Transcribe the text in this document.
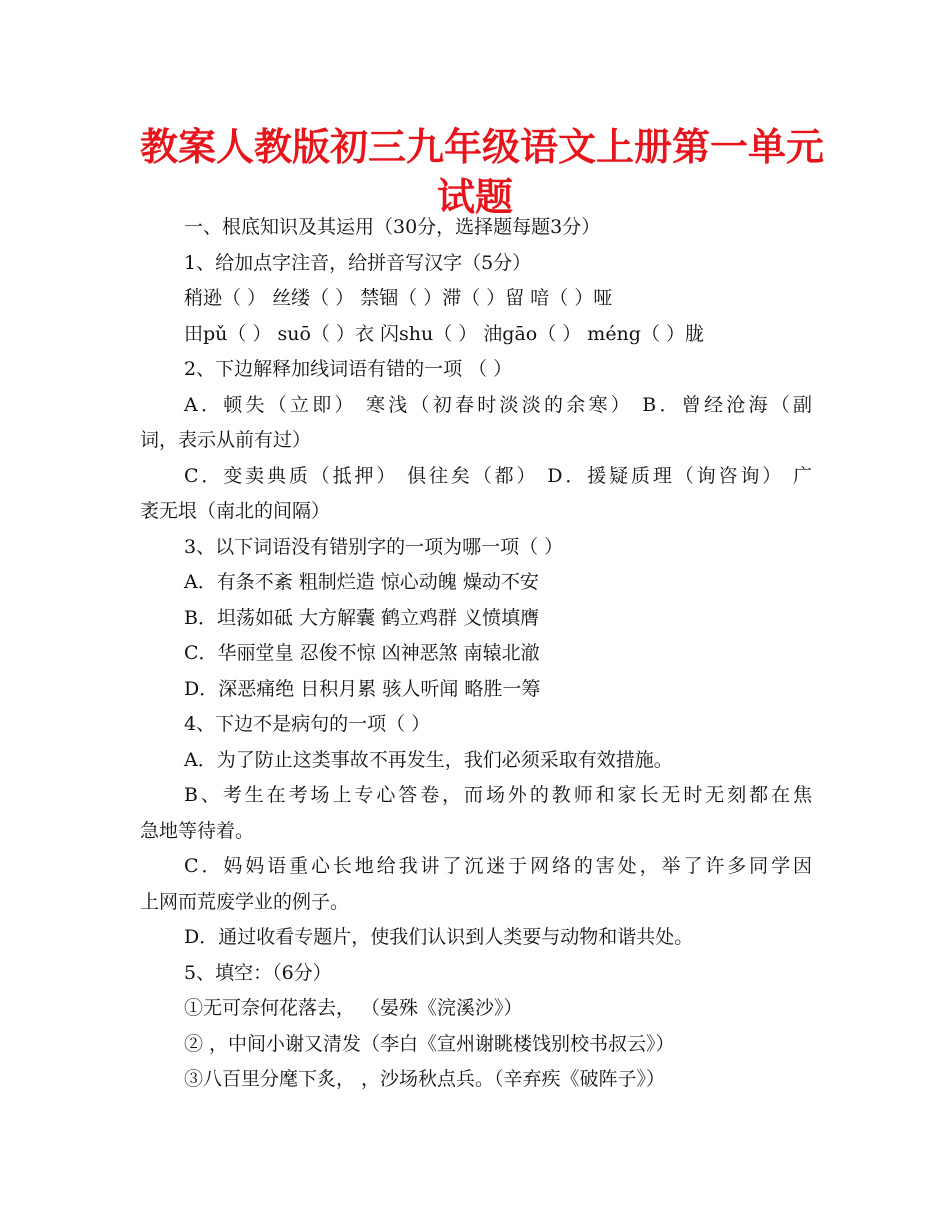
教案人教版初三九年级语文上册第一单元
试题
一、根底知识及其运用（30分，选择题每题3分）
1、给加点字注音，给拼音写汉字（5分）
稍逊（ ） 丝缕（ ） 禁锢（ ）滞（ ）留 喑（ ）哑
田pǔ（ ） suō（ ）衣 闪shu（ ） 油gāo（ ） méng（ ）胧
2、下边解释加线词语有错的一项 （ ）
A．顿失（立即） 寒浅（初春时淡淡的余寒） B．曾经沧海（副
词，表示从前有过）
C．变卖典质（抵押） 俱往矣（都） D．援疑质理（询咨询） 广
袤无垠（南北的间隔）
3、以下词语没有错别字的一项为哪一项（ ）
A．有条不紊 粗制烂造 惊心动魄 燥动不安
B．坦荡如砥 大方解囊 鹤立鸡群 义愤填膺
C．华丽堂皇 忍俊不惊 凶神恶煞 南辕北澈
D．深恶痛绝 日积月累 骇人听闻 略胜一筹
4、下边不是病句的一项（ ）
A．为了防止这类事故不再发生，我们必须采取有效措施。
B、考生在考场上专心答卷，而场外的教师和家长无时无刻都在焦
急地等待着。
C．妈妈语重心长地给我讲了沉迷于网络的害处，举了许多同学因
上网而荒废学业的例子。
D．通过收看专题片，使我们认识到人类要与动物和谐共处。
5、填空：（6分）
①无可奈何花落去， （晏殊《浣溪沙》）
② ，中间小谢又清发（李白《宣州谢眺楼饯别校书叔云》）
③八百里分麾下炙， ，沙场秋点兵。（辛弃疾《破阵子》）
